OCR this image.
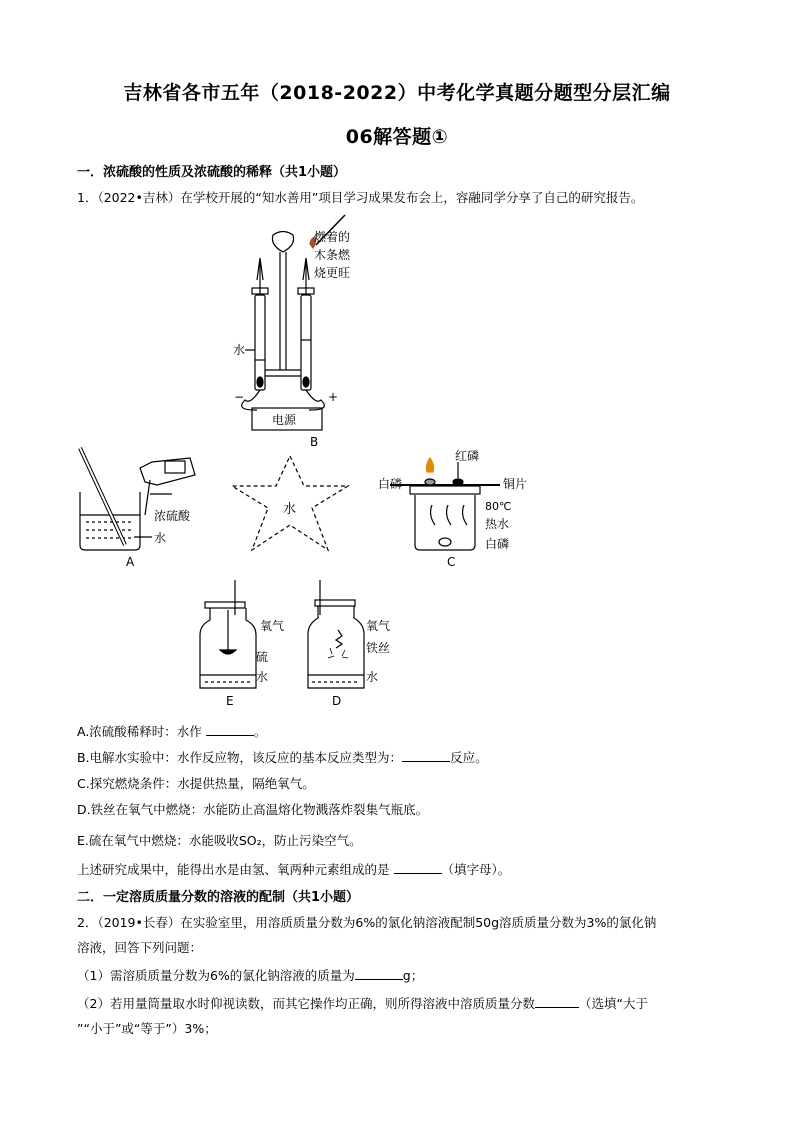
吉林省各市五年（2018-2022）中考化学真题分题型分层汇编
06解答题①
一．浓硫酸的性质及浓硫酸的稀释（共1小题）
1．（2022•吉林）在学校开展的“知水善用”项目学习成果发布会上，容融同学分享了自己的研究报告。
水
−	+
电源
B
燃着的
木条燃
烧更旺
浓硫酸
水
A
水
红磷
白磷	铜片
80℃
热水
白磷
C
氧气
硫
水
E
氧气
铁丝
水
D
A.浓硫酸稀释时：水作	。
B.电解水实验中：水作反应物，该反应的基本反应类型为：	反应。
C.探究燃烧条件：水提供热量，隔绝氧气。
D.铁丝在氧气中燃烧：水能防止高温熔化物溅落炸裂集气瓶底。
E.硫在氧气中燃烧：水能吸收SO₂，防止污染空气。
上述研究成果中，能得出水是由氢、氧两种元素组成的是	（填字母）。
二．一定溶质质量分数的溶液的配制（共1小题）
2．（2019•长春）在实验室里，用溶质质量分数为6%的氯化钠溶液配制50g溶质质量分数为3%的氯化钠
溶液，回答下列问题：
（1）需溶质质量分数为6%的氯化钠溶液的质量为	g；
（2）若用量筒量取水时仰视读数，而其它操作均正确，则所得溶液中溶质质量分数	（选填“大于
”“小于”或“等于”）3%；
